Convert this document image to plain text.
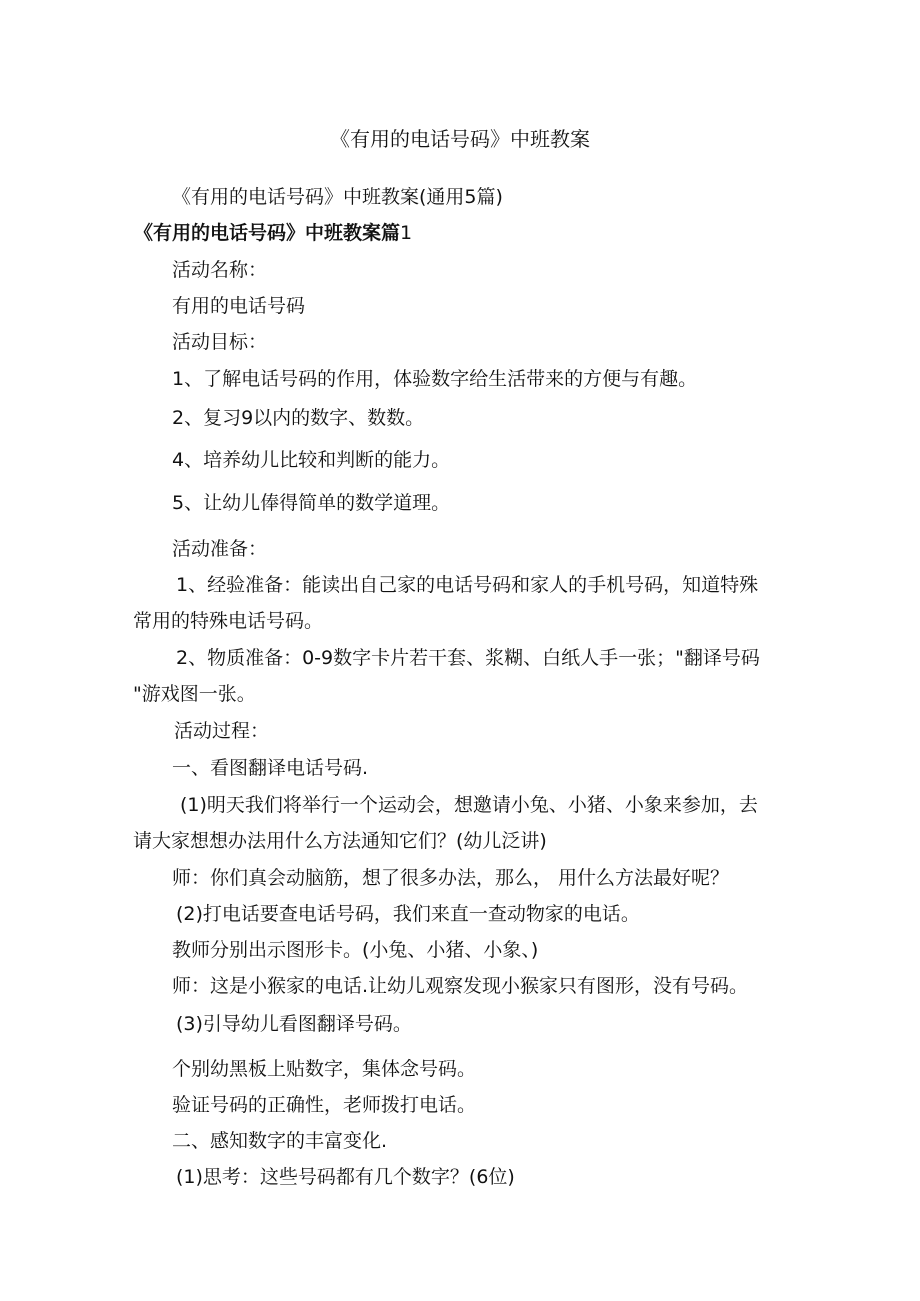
《有用的电话号码》中班教案
《有用的电话号码》中班教案(通用5篇)
《有用的电话号码》中班教案篇1
活动名称：
有用的电话号码
活动目标：
1、了解电话号码的作用，体验数字给生活带来的方便与有趣。
2、复习9以内的数字、数数。
4、培养幼儿比较和判断的能力。
5、让幼儿俸得简单的数学道理。
活动准备：
1、经验准备：能读出自己家的电话号码和家人的手机号码，知道特殊
常用的特殊电话号码。
2、物质准备：0-9数字卡片若干套、浆糊、白纸人手一张；"翻译号码
"游戏图一张。
活动过程：
一、看图翻译电话号码.
(1)明天我们将举行一个运动会，想邀请小兔、小猪、小象来参加，去
请大家想想办法用什么方法通知它们？(幼儿泛讲)
师：你们真会动脑筋，想了很多办法，那么， 用什么方法最好呢？
(2)打电话要查电话号码，我们来直一查动物家的电话。
教师分别出示图形卡。(小兔、小猪、小象、)
师：这是小猴家的电话.让幼儿观察发现小猴家只有图形，没有号码。
(3)引导幼儿看图翻译号码。
个别幼黑板上贴数字，集体念号码。
验证号码的正确性，老师拨打电话。
二、感知数字的丰富变化.
(1)思考：这些号码都有几个数字？(6位)
